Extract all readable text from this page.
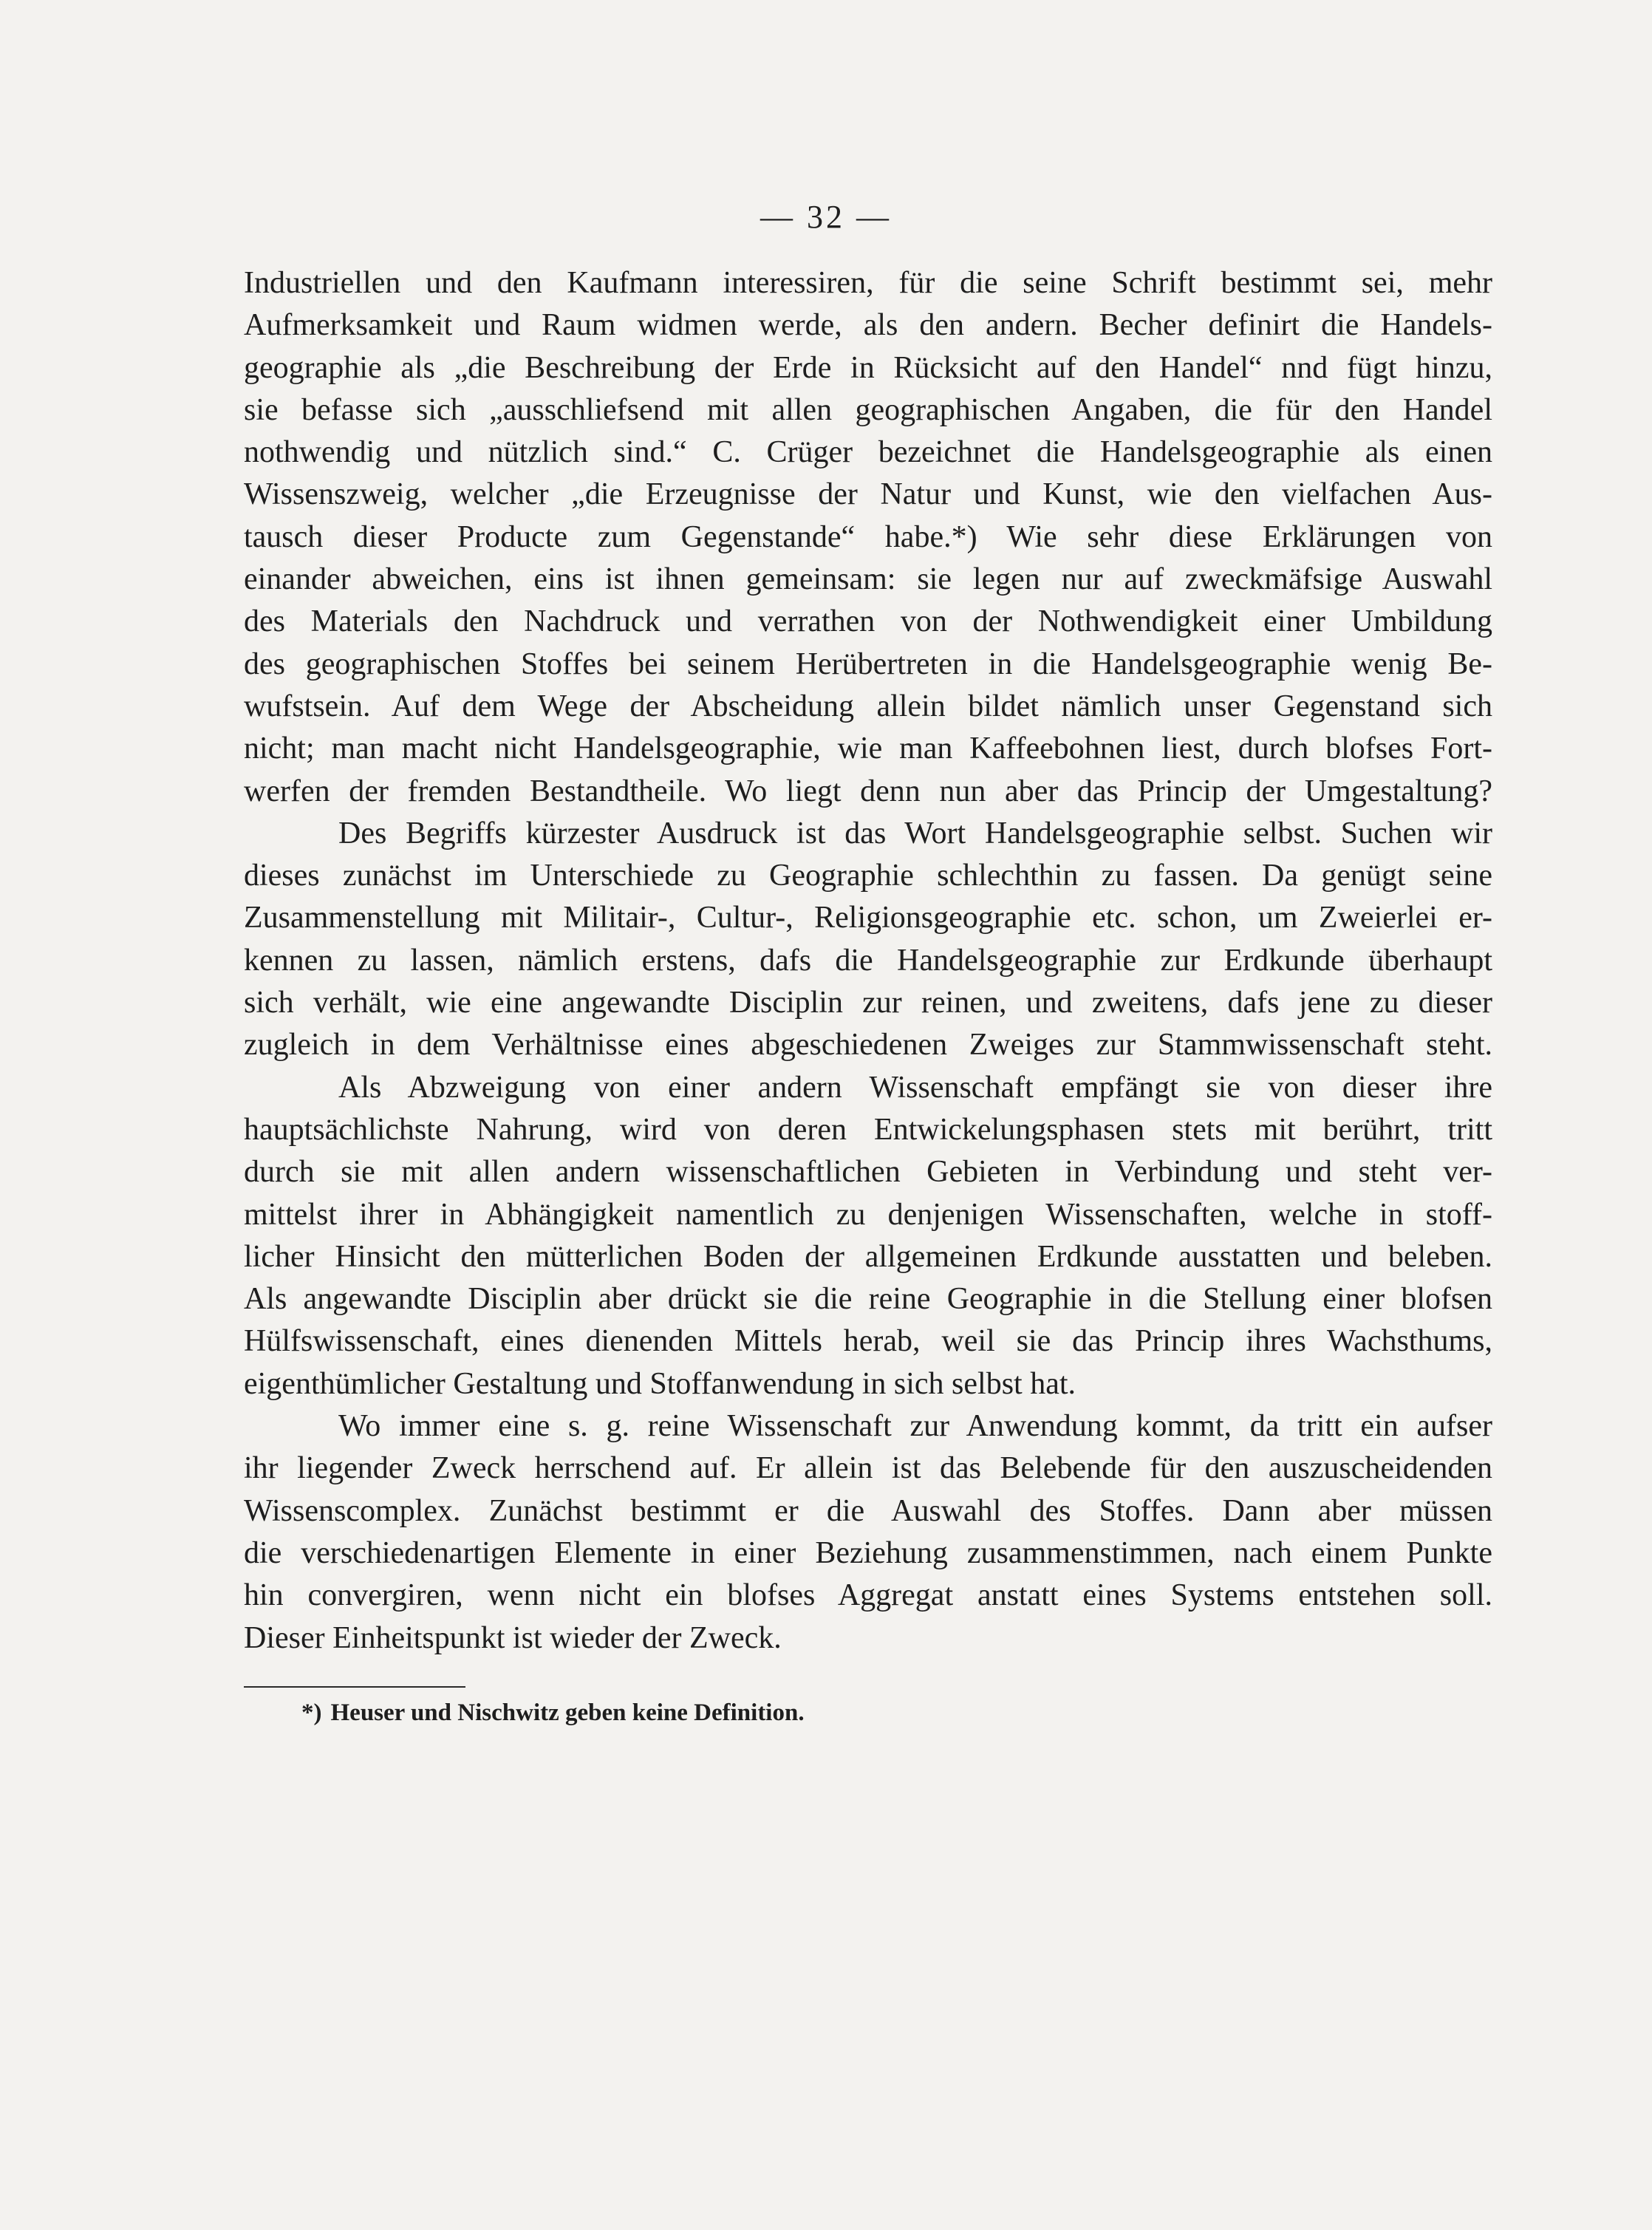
— 32 —
Industriellen und den Kaufmann interessiren, für die seine Schrift bestimmt sei, mehr
Aufmerksamkeit und Raum widmen werde, als den andern. Becher definirt die Handels-
geographie als „die Beschreibung der Erde in Rücksicht auf den Handel“ nnd fügt hinzu,
sie befasse sich „ausschliefsend mit allen geographischen Angaben, die für den Handel
nothwendig und nützlich sind.“ C. Crüger bezeichnet die Handelsgeographie als einen
Wissenszweig, welcher „die Erzeugnisse der Natur und Kunst, wie den vielfachen Aus-
tausch dieser Producte zum Gegenstande“ habe.*) Wie sehr diese Erklärungen von
einander abweichen, eins ist ihnen gemeinsam: sie legen nur auf zweckmäfsige Auswahl
des Materials den Nachdruck und verrathen von der Nothwendigkeit einer Umbildung
des geographischen Stoffes bei seinem Herübertreten in die Handelsgeographie wenig Be-
wufstsein. Auf dem Wege der Abscheidung allein bildet nämlich unser Gegenstand sich
nicht; man macht nicht Handelsgeographie, wie man Kaffeebohnen liest, durch blofses Fort-
werfen der fremden Bestandtheile. Wo liegt denn nun aber das Princip der Umgestaltung?
Des Begriffs kürzester Ausdruck ist das Wort Handelsgeographie selbst. Suchen wir
dieses zunächst im Unterschiede zu Geographie schlechthin zu fassen. Da genügt seine
Zusammenstellung mit Militair-, Cultur-, Religionsgeographie etc. schon, um Zweierlei er-
kennen zu lassen, nämlich erstens, dafs die Handelsgeographie zur Erdkunde überhaupt
sich verhält, wie eine angewandte Disciplin zur reinen, und zweitens, dafs jene zu dieser
zugleich in dem Verhältnisse eines abgeschiedenen Zweiges zur Stammwissenschaft steht.
Als Abzweigung von einer andern Wissenschaft empfängt sie von dieser ihre
hauptsächlichste Nahrung, wird von deren Entwickelungsphasen stets mit berührt, tritt
durch sie mit allen andern wissenschaftlichen Gebieten in Verbindung und steht ver-
mittelst ihrer in Abhängigkeit namentlich zu denjenigen Wissenschaften, welche in stoff-
licher Hinsicht den mütterlichen Boden der allgemeinen Erdkunde ausstatten und beleben.
Als angewandte Disciplin aber drückt sie die reine Geographie in die Stellung einer blofsen
Hülfswissenschaft, eines dienenden Mittels herab, weil sie das Princip ihres Wachsthums,
eigenthümlicher Gestaltung und Stoffanwendung in sich selbst hat.
Wo immer eine s. g. reine Wissenschaft zur Anwendung kommt, da tritt ein aufser
ihr liegender Zweck herrschend auf. Er allein ist das Belebende für den auszuscheidenden
Wissenscomplex. Zunächst bestimmt er die Auswahl des Stoffes. Dann aber müssen
die verschiedenartigen Elemente in einer Beziehung zusammenstimmen, nach einem Punkte
hin convergiren, wenn nicht ein blofses Aggregat anstatt eines Systems entstehen soll.
Dieser Einheitspunkt ist wieder der Zweck.
*) Heuser und Nischwitz geben keine Definition.
